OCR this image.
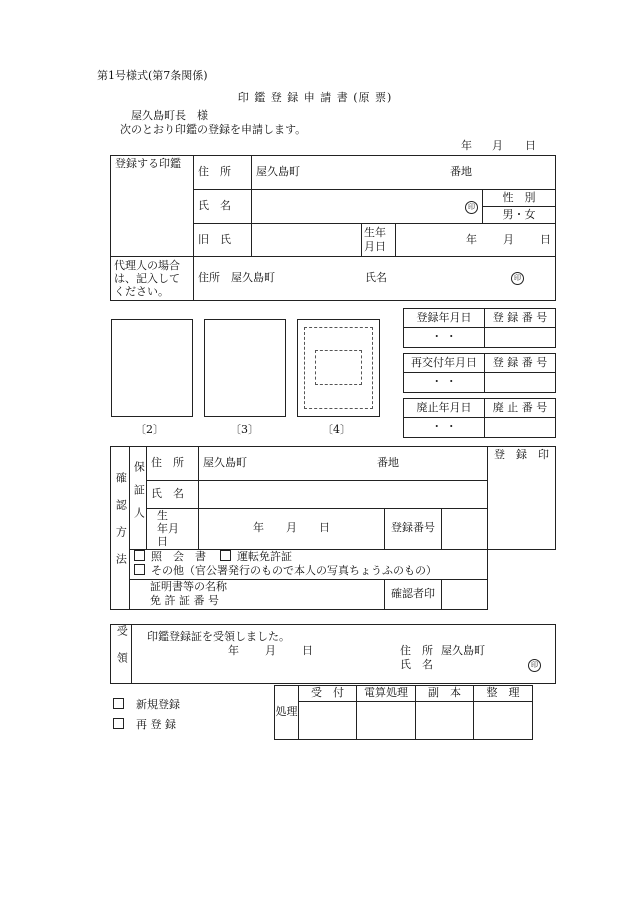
第1号様式(第7条関係)
印 鑑 登 録 申 請 書 (原 票)
屋久島町長　様
次のとおり印鑑の登録を申請します。
年 月 日
登録する印鑑	住　所	屋久島町 番地			

	氏　名	印			性　別
男・女

	旧　氏		生年月日	年 月 日	
代理人の場合は、記入してください。	住所　屋久島町 氏名 印				
〔2〕	〔3〕	〔4〕
登録年月日	登 録 番 号
・ ・	
再交付年月日	登 録 番 号
・ ・	
廃止年月日	廃 止 番 号
・ ・	
確認方法	保証人	住　所	屋久島町 番地			登　録　印
		氏　名				
		生　年月　日	年 月 日	登録番号		

	照　会　書 運転免許証
その他（官公署発行のもので本人の写真ちょうふのもの）					

	証明書等の名称
免 許 証 番 号			確認者印		
受領	印鑑登録証を受領しました。
年 月 日	住　所 屋久島町
氏　名	印
新規登録
再 登 録
処理	受　付	電算処理	副　本	整　理
